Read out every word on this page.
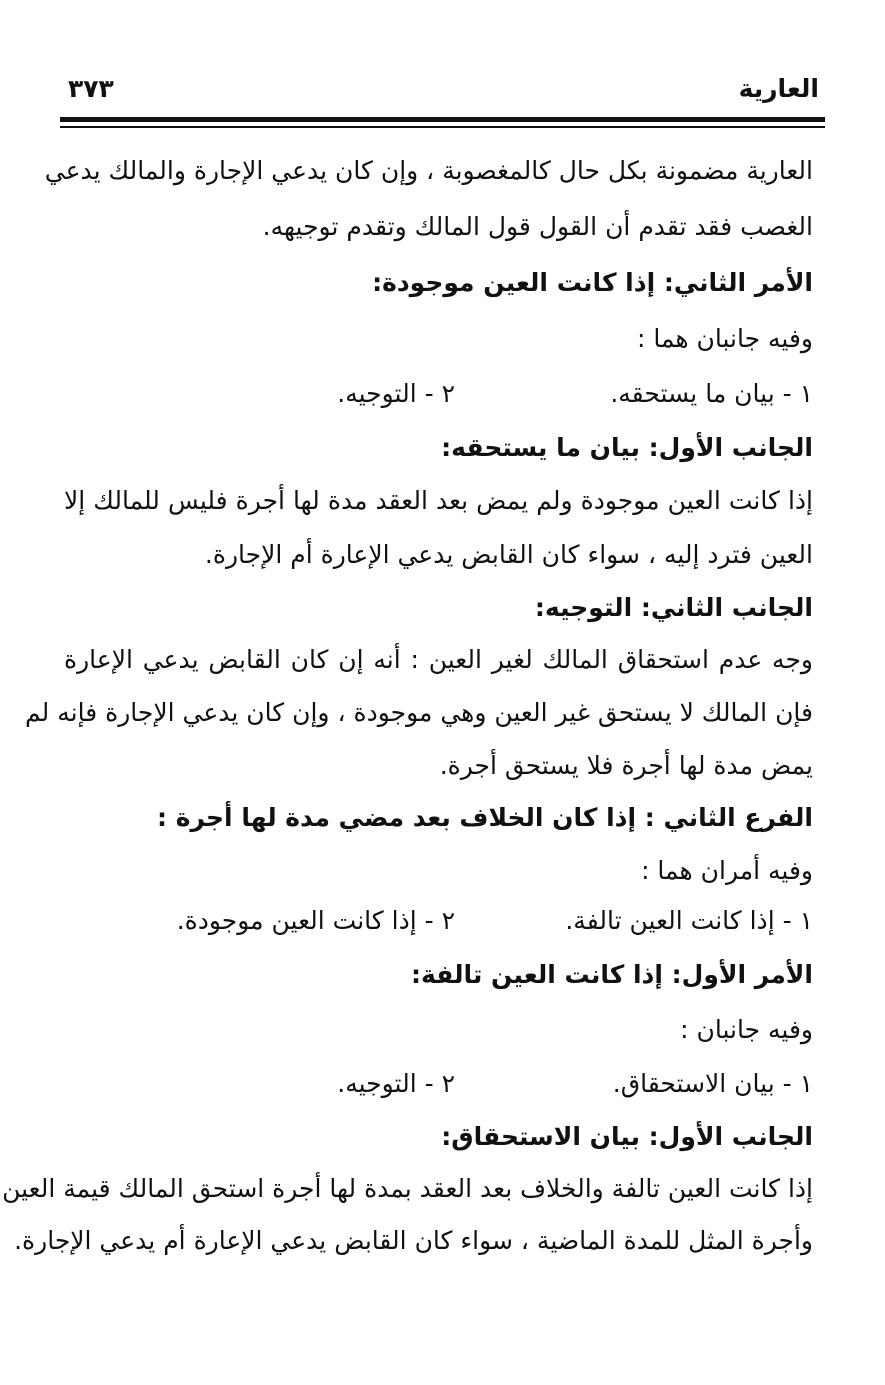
العارية
٣٧٣
العارية مضمونة بكل حال كالمغصوبة ، وإن كان يدعي الإجارة والمالك يدعي
الغصب فقد تقدم أن القول قول المالك وتقدم توجيهه.
الأمر الثاني: إذا كانت العين موجودة:
وفيه جانبان هما :
١ - بيان ما يستحقه.
٢ - التوجيه.
الجانب الأول: بيان ما يستحقه:
إذا كانت العين موجودة ولم يمض بعد العقد مدة لها أجرة فليس للمالك إلا
العين فترد إليه ، سواء كان القابض يدعي الإعارة أم الإجارة.
الجانب الثاني: التوجيه:
وجه عدم استحقاق المالك لغير العين : أنه إن كان القابض يدعي الإعارة
فإن المالك لا يستحق غير العين وهي موجودة ، وإن كان يدعي الإجارة فإنه لم
يمض مدة لها أجرة فلا يستحق أجرة.
الفرع الثاني : إذا كان الخلاف بعد مضي مدة لها أجرة :
وفيه أمران هما :
١ - إذا كانت العين تالفة.
٢ - إذا كانت العين موجودة.
الأمر الأول: إذا كانت العين تالفة:
وفيه جانبان :
١ - بيان الاستحقاق.
٢ - التوجيه.
الجانب الأول: بيان الاستحقاق:
إذا كانت العين تالفة والخلاف بعد العقد بمدة لها أجرة استحق المالك قيمة العين
وأجرة المثل للمدة الماضية ، سواء كان القابض يدعي الإعارة أم يدعي الإجارة.
